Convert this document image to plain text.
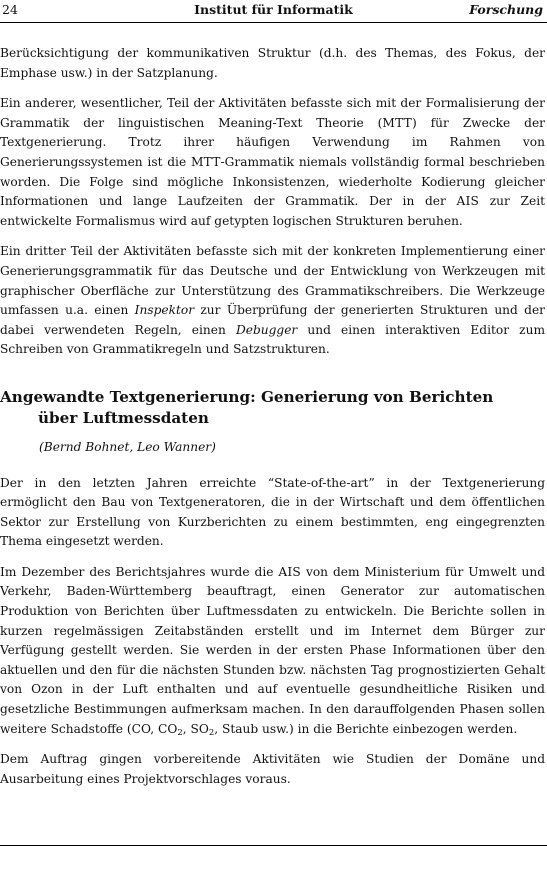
24	Institut für Informatik	Forschung

Berücksichtigung der kommunikativen Struktur (d.h. des Themas, des Fokus, der Emphase usw.) in der Satzplanung.

Ein anderer, wesentlicher, Teil der Aktivitäten befasste sich mit der Formalisierung der Grammatik der linguistischen Meaning-Text Theorie (MTT) für Zwecke der Textgenerierung. Trotz ihrer häufigen Verwendung im Rahmen von Generierungssystemen ist die MTT-Grammatik niemals vollständig formal beschrieben worden. Die Folge sind mögliche Inkonsistenzen, wiederholte Kodierung gleicher Informationen und lange Laufzeiten der Grammatik. Der in der AIS zur Zeit entwickelte Formalismus wird auf getypten logischen Strukturen beruhen.

Ein dritter Teil der Aktivitäten befasste sich mit der konkreten Implementierung einer Generierungsgrammatik für das Deutsche und der Entwicklung von Werkzeugen mit graphischer Oberfläche zur Unterstützung des Grammatikschreibers. Die Werkzeuge umfassen u.a. einen Inspektor zur Überprüfung der generierten Strukturen und der dabei verwendeten Regeln, einen Debugger und einen interaktiven Editor zum Schreiben von Grammatikregeln und Satzstrukturen.

Angewandte Textgenerierung: Generierung von Berichten
über Luftmessdaten
(Bernd Bohnet, Leo Wanner)

Der in den letzten Jahren erreichte “State-of-the-art” in der Textgenerierung ermöglicht den Bau von Textgeneratoren, die in der Wirtschaft und dem öffentlichen Sektor zur Erstellung von Kurzberichten zu einem bestimmten, eng eingegrenzten Thema eingesetzt werden.

Im Dezember des Berichtsjahres wurde die AIS von dem Ministerium für Umwelt und Verkehr, Baden-Württemberg beauftragt, einen Generator zur automatischen Produktion von Berichten über Luftmessdaten zu entwickeln. Die Berichte sollen in kurzen regelmässigen Zeitabständen erstellt und im Internet dem Bürger zur Verfügung gestellt werden. Sie werden in der ersten Phase Informationen über den aktuellen und den für die nächsten Stunden bzw. nächsten Tag prognostizierten Gehalt von Ozon in der Luft enthalten und auf eventuelle gesundheitliche Risiken und gesetzliche Bestimmungen aufmerksam machen. In den darauffolgenden Phasen sollen weitere Schadstoffe (CO, $CO_2$, $SO_2$, Staub usw.) in die Berichte einbezogen werden.

Dem Auftrag gingen vorbereitende Aktivitäten wie Studien der Domäne und Ausarbeitung eines Projektvorschlages voraus.
